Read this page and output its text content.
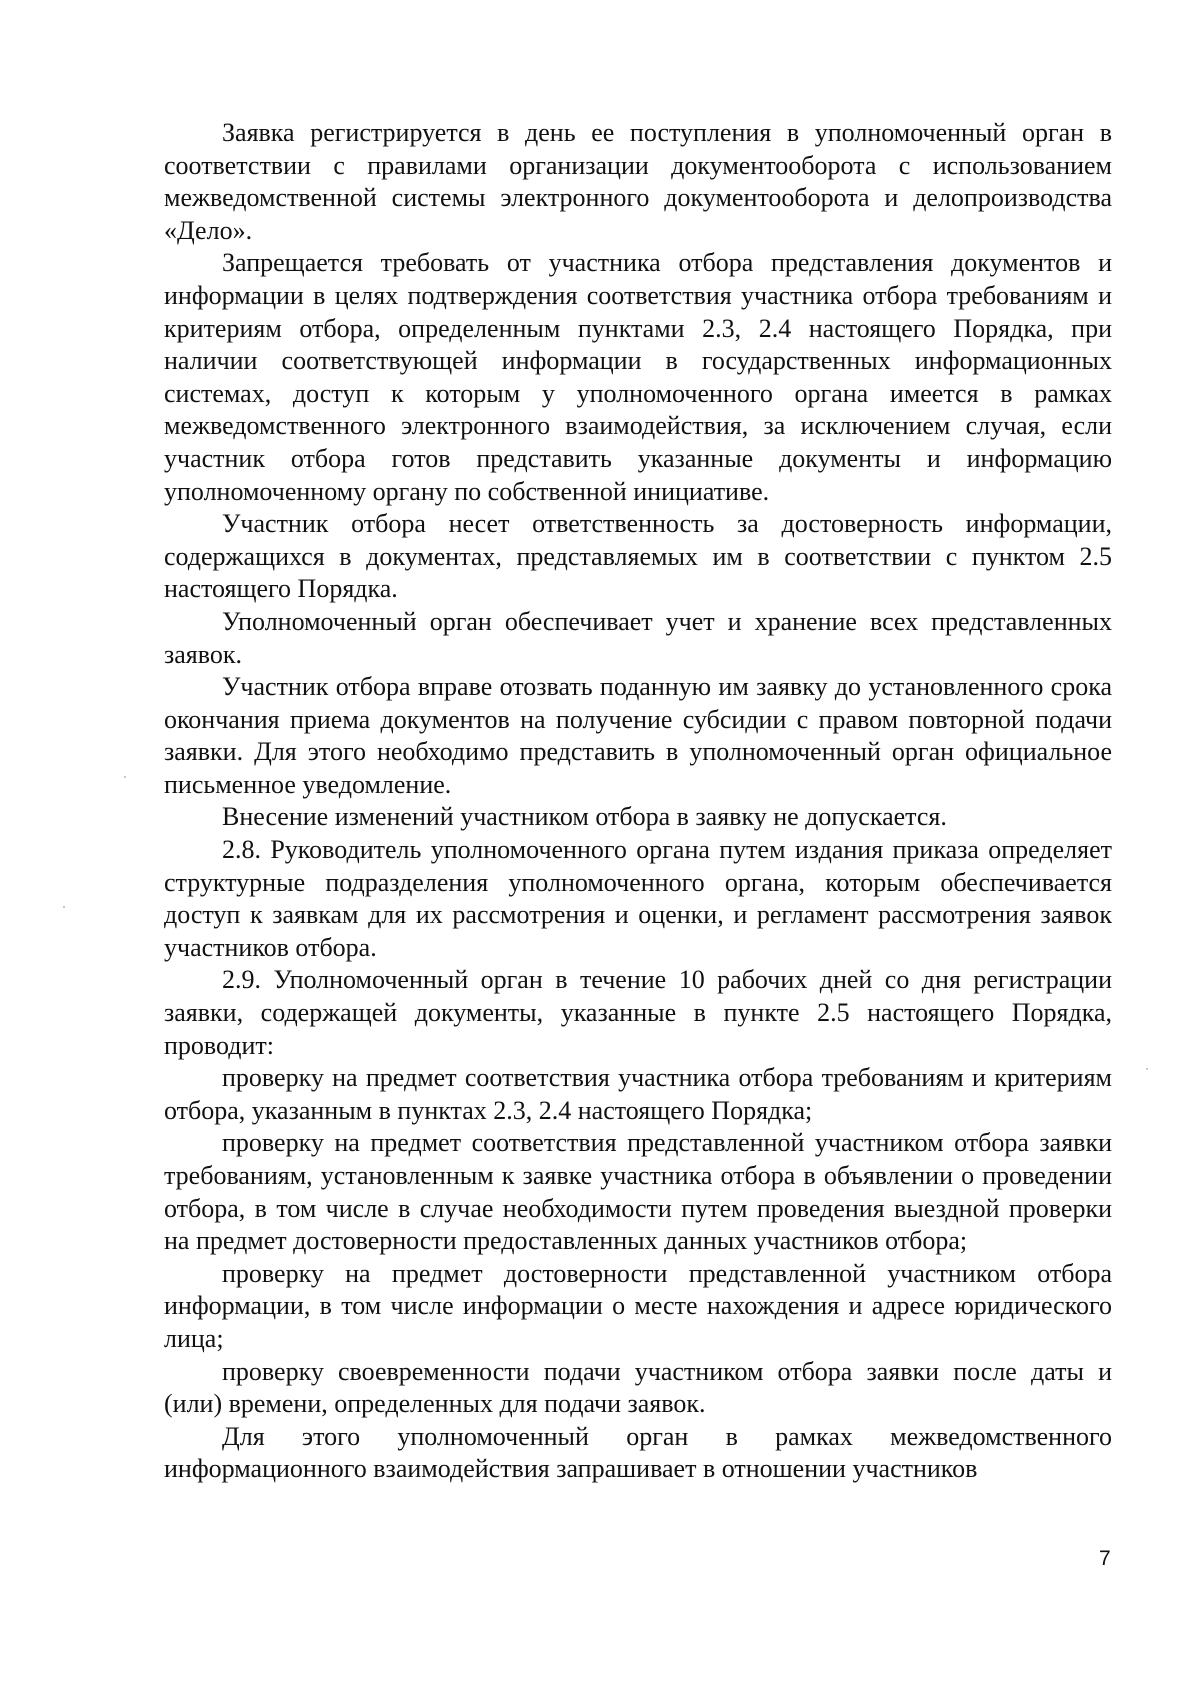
Заявка регистрируется в день ее поступления в уполномоченный орган в соответствии с правилами организации документооборота с использованием межведомственной системы электронного документооборота и делопроизводства «Дело».

Запрещается требовать от участника отбора представления документов и информации в целях подтверждения соответствия участника отбора требованиям и критериям отбора, определенным пунктами 2.3, 2.4 настоящего Порядка, при наличии соответствующей информации в государственных информационных системах, доступ к которым у уполномоченного органа имеется в рамках межведомственного электронного взаимодействия, за исключением случая, если участник отбора готов представить указанные документы и информацию уполномоченному органу по собственной инициативе.

Участник отбора несет ответственность за достоверность информации, содержащихся в документах, представляемых им в соответствии с пунктом 2.5 настоящего Порядка.

Уполномоченный орган обеспечивает учет и хранение всех представленных заявок.

Участник отбора вправе отозвать поданную им заявку до установленного срока окончания приема документов на получение субсидии с правом повторной подачи заявки. Для этого необходимо представить в уполномоченный орган официальное письменное уведомление.

Внесение изменений участником отбора в заявку не допускается.

2.8. Руководитель уполномоченного органа путем издания приказа определяет структурные подразделения уполномоченного органа, которым обеспечивается доступ к заявкам для их рассмотрения и оценки, и регламент рассмотрения заявок участников отбора.

2.9. Уполномоченный орган в течение 10 рабочих дней со дня регистрации заявки, содержащей документы, указанные в пункте 2.5 настоящего Порядка, проводит:

проверку на предмет соответствия участника отбора требованиям и критериям отбора, указанным в пунктах 2.3, 2.4 настоящего Порядка;

проверку на предмет соответствия представленной участником отбора заявки требованиям, установленным к заявке участника отбора в объявлении о проведении отбора, в том числе в случае необходимости путем проведения выездной проверки на предмет достоверности предоставленных данных участников отбора;

проверку на предмет достоверности представленной участником отбора информации, в том числе информации о месте нахождения и адресе юридического лица;

проверку своевременности подачи участником отбора заявки после даты и (или) времени, определенных для подачи заявок.

Для этого уполномоченный орган в рамках межведомственного информационного взаимодействия запрашивает в отношении участников

7
